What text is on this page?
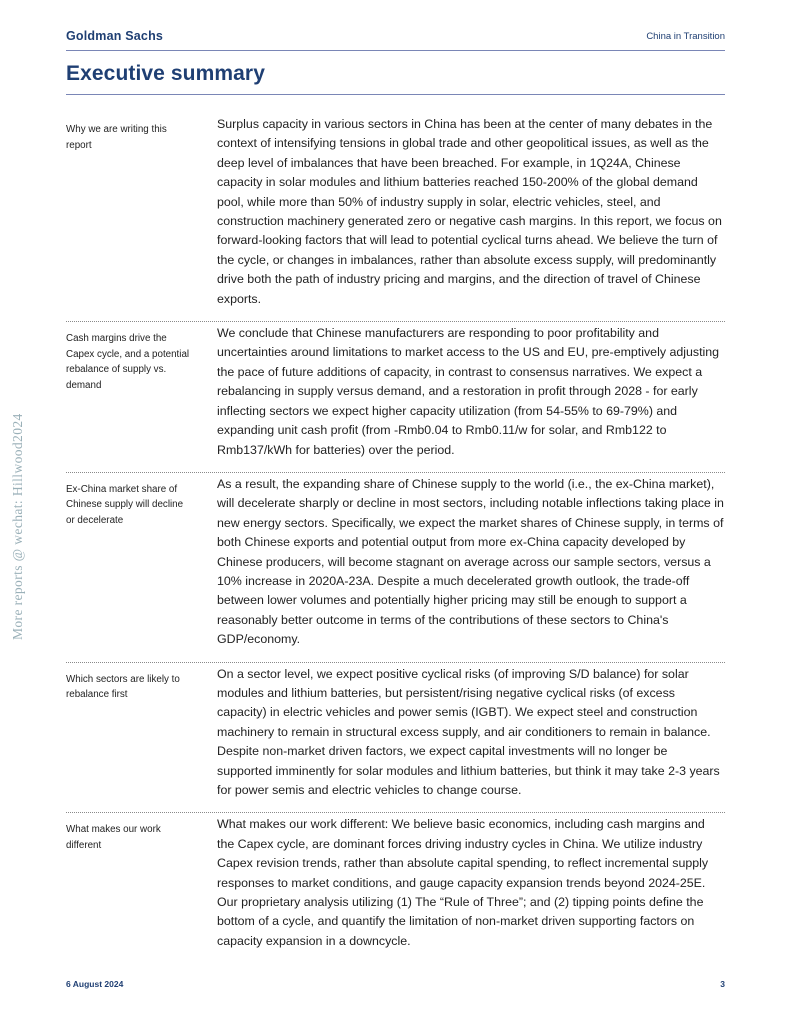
Goldman Sachs	China in Transition
Executive summary
More reports @ wechat: Hillwood2024
Why we are writing this report
Surplus capacity in various sectors in China has been at the center of many debates in the context of intensifying tensions in global trade and other geopolitical issues, as well as the deep level of imbalances that have been breached. For example, in 1Q24A, Chinese capacity in solar modules and lithium batteries reached 150-200% of the global demand pool, while more than 50% of industry supply in solar, electric vehicles, steel, and construction machinery generated zero or negative cash margins. In this report, we focus on forward-looking factors that will lead to potential cyclical turns ahead. We believe the turn of the cycle, or changes in imbalances, rather than absolute excess supply, will predominantly drive both the path of industry pricing and margins, and the direction of travel of Chinese exports.
Cash margins drive the Capex cycle, and a potential rebalance of supply vs. demand
We conclude that Chinese manufacturers are responding to poor profitability and uncertainties around limitations to market access to the US and EU, pre-emptively adjusting the pace of future additions of capacity, in contrast to consensus narratives. We expect a rebalancing in supply versus demand, and a restoration in profit through 2028 - for early inflecting sectors we expect higher capacity utilization (from 54-55% to 69-79%) and expanding unit cash profit (from -Rmb0.04 to Rmb0.11/w for solar, and Rmb122 to Rmb137/kWh for batteries) over the period.
Ex-China market share of Chinese supply will decline or decelerate
As a result, the expanding share of Chinese supply to the world (i.e., the ex-China market), will decelerate sharply or decline in most sectors, including notable inflections taking place in new energy sectors. Specifically, we expect the market shares of Chinese supply, in terms of both Chinese exports and potential output from more ex-China capacity developed by Chinese producers, will become stagnant on average across our sample sectors, versus a 10% increase in 2020A-23A. Despite a much decelerated growth outlook, the trade-off between lower volumes and potentially higher pricing may still be enough to support a reasonably better outcome in terms of the contributions of these sectors to China's GDP/economy.
Which sectors are likely to rebalance first
On a sector level, we expect positive cyclical risks (of improving S/D balance) for solar modules and lithium batteries, but persistent/rising negative cyclical risks (of excess capacity) in electric vehicles and power semis (IGBT). We expect steel and construction machinery to remain in structural excess supply, and air conditioners to remain in balance. Despite non-market driven factors, we expect capital investments will no longer be supported imminently for solar modules and lithium batteries, but think it may take 2-3 years for power semis and electric vehicles to change course.
What makes our work different
What makes our work different: We believe basic economics, including cash margins and the Capex cycle, are dominant forces driving industry cycles in China. We utilize industry Capex revision trends, rather than absolute capital spending, to reflect incremental supply responses to market conditions, and gauge capacity expansion trends beyond 2024-25E. Our proprietary analysis utilizing (1) The “Rule of Three”; and (2) tipping points define the bottom of a cycle, and quantify the limitation of non-market driven supporting factors on capacity expansion in a downcycle.
6 August 2024	3
